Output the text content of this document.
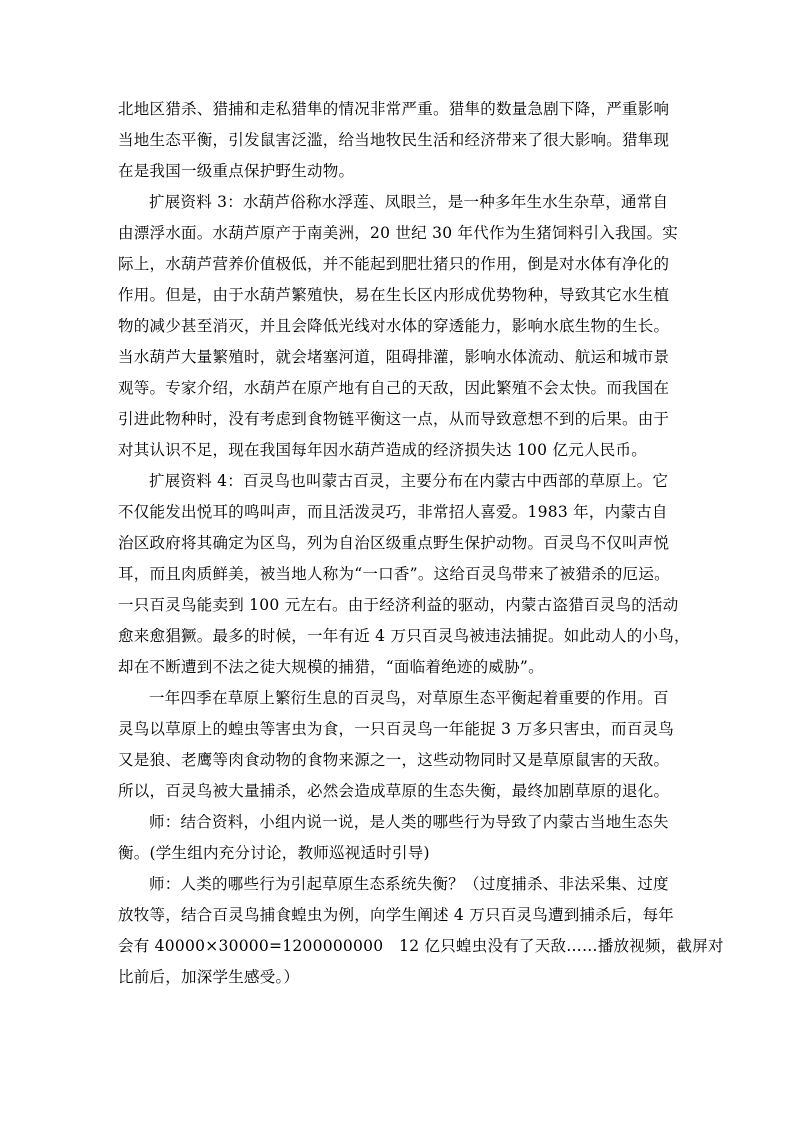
北地区猎杀、猎捕和走私猎隼的情况非常严重。猎隼的数量急剧下降，严重影响
当地生态平衡，引发鼠害泛滥，给当地牧民生活和经济带来了很大影响。猎隼现
在是我国一级重点保护野生动物。
扩展资料 3：水葫芦俗称水浮莲、凤眼兰，是一种多年生水生杂草，通常自
由漂浮水面。水葫芦原产于南美洲，20 世纪 30 年代作为生猪饲料引入我国。实
际上，水葫芦营养价值极低，并不能起到肥壮猪只的作用，倒是对水体有净化的
作用。但是，由于水葫芦繁殖快，易在生长区内形成优势物种，导致其它水生植
物的减少甚至消灭，并且会降低光线对水体的穿透能力，影响水底生物的生长。
当水葫芦大量繁殖时，就会堵塞河道，阻碍排灌，影响水体流动、航运和城市景
观等。专家介绍，水葫芦在原产地有自己的天敌，因此繁殖不会太快。而我国在
引进此物种时，没有考虑到食物链平衡这一点，从而导致意想不到的后果。由于
对其认识不足，现在我国每年因水葫芦造成的经济损失达 100 亿元人民币。
扩展资料 4：百灵鸟也叫蒙古百灵，主要分布在内蒙古中西部的草原上。它
不仅能发出悦耳的鸣叫声，而且活泼灵巧，非常招人喜爱。1983 年，内蒙古自
治区政府将其确定为区鸟，列为自治区级重点野生保护动物。百灵鸟不仅叫声悦
耳，而且肉质鲜美，被当地人称为“一口香”。这给百灵鸟带来了被猎杀的厄运。
一只百灵鸟能卖到 100 元左右。由于经济利益的驱动，内蒙古盗猎百灵鸟的活动
愈来愈猖獗。最多的时候，一年有近 4 万只百灵鸟被违法捕捉。如此动人的小鸟，
却在不断遭到不法之徒大规模的捕猎，“面临着绝迹的威胁”。
一年四季在草原上繁衍生息的百灵鸟，对草原生态平衡起着重要的作用。百
灵鸟以草原上的蝗虫等害虫为食，一只百灵鸟一年能捉 3 万多只害虫，而百灵鸟
又是狼、老鹰等肉食动物的食物来源之一，这些动物同时又是草原鼠害的天敌。
所以，百灵鸟被大量捕杀，必然会造成草原的生态失衡，最终加剧草原的退化。
师：结合资料，小组内说一说，是人类的哪些行为导致了内蒙古当地生态失
衡。(学生组内充分讨论，教师巡视适时引导)
师：人类的哪些行为引起草原生态系统失衡？（过度捕杀、非法采集、过度
放牧等，结合百灵鸟捕食蝗虫为例，向学生阐述 4 万只百灵鸟遭到捕杀后，每年
会有 40000×30000=1200000000　12 亿只蝗虫没有了天敌……播放视频，截屏对
比前后，加深学生感受。）
